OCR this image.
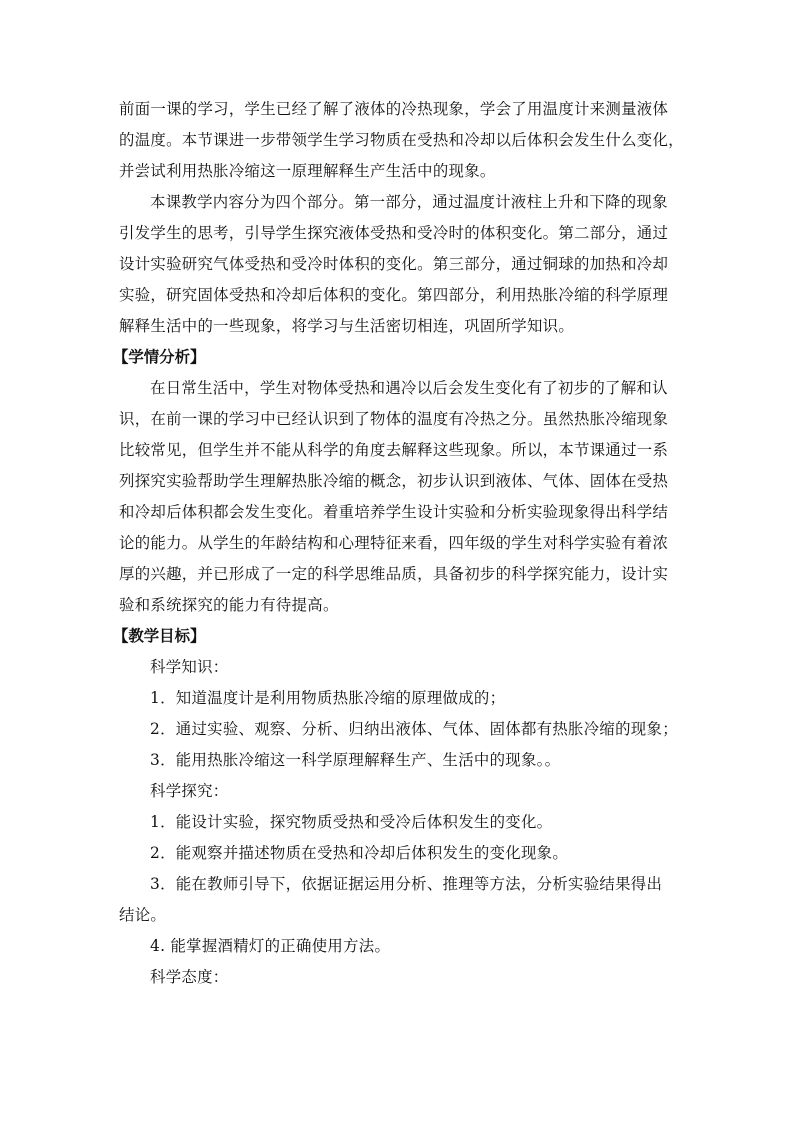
前面一课的学习，学生已经了解了液体的冷热现象，学会了用温度计来测量液体
的温度。本节课进一步带领学生学习物质在受热和冷却以后体积会发生什么变化，
并尝试利用热胀冷缩这一原理解释生产生活中的现象。
本课教学内容分为四个部分。第一部分，通过温度计液柱上升和下降的现象
引发学生的思考，引导学生探究液体受热和受冷时的体积变化。第二部分，通过
设计实验研究气体受热和受冷时体积的变化。第三部分，通过铜球的加热和冷却
实验，研究固体受热和冷却后体积的变化。第四部分，利用热胀冷缩的科学原理
解释生活中的一些现象，将学习与生活密切相连，巩固所学知识。
【学情分析】
在日常生活中，学生对物体受热和遇冷以后会发生变化有了初步的了解和认
识，在前一课的学习中已经认识到了物体的温度有冷热之分。虽然热胀冷缩现象
比较常见，但学生并不能从科学的角度去解释这些现象。所以，本节课通过一系
列探究实验帮助学生理解热胀冷缩的概念，初步认识到液体、气体、固体在受热
和冷却后体积都会发生变化。着重培养学生设计实验和分析实验现象得出科学结
论的能力。从学生的年龄结构和心理特征来看，四年级的学生对科学实验有着浓
厚的兴趣，并已形成了一定的科学思维品质，具备初步的科学探究能力，设计实
验和系统探究的能力有待提高。
【教学目标】
科学知识：
1．知道温度计是利用物质热胀冷缩的原理做成的；
2．通过实验、观察、分析、归纳出液体、气体、固体都有热胀冷缩的现象；
3．能用热胀冷缩这一科学原理解释生产、生活中的现象。。
科学探究：
1．能设计实验，探究物质受热和受冷后体积发生的变化。
2．能观察并描述物质在受热和冷却后体积发生的变化现象。
3．能在教师引导下，依据证据运用分析、推理等方法，分析实验结果得出
结论。
4. 能掌握酒精灯的正确使用方法。
科学态度：
